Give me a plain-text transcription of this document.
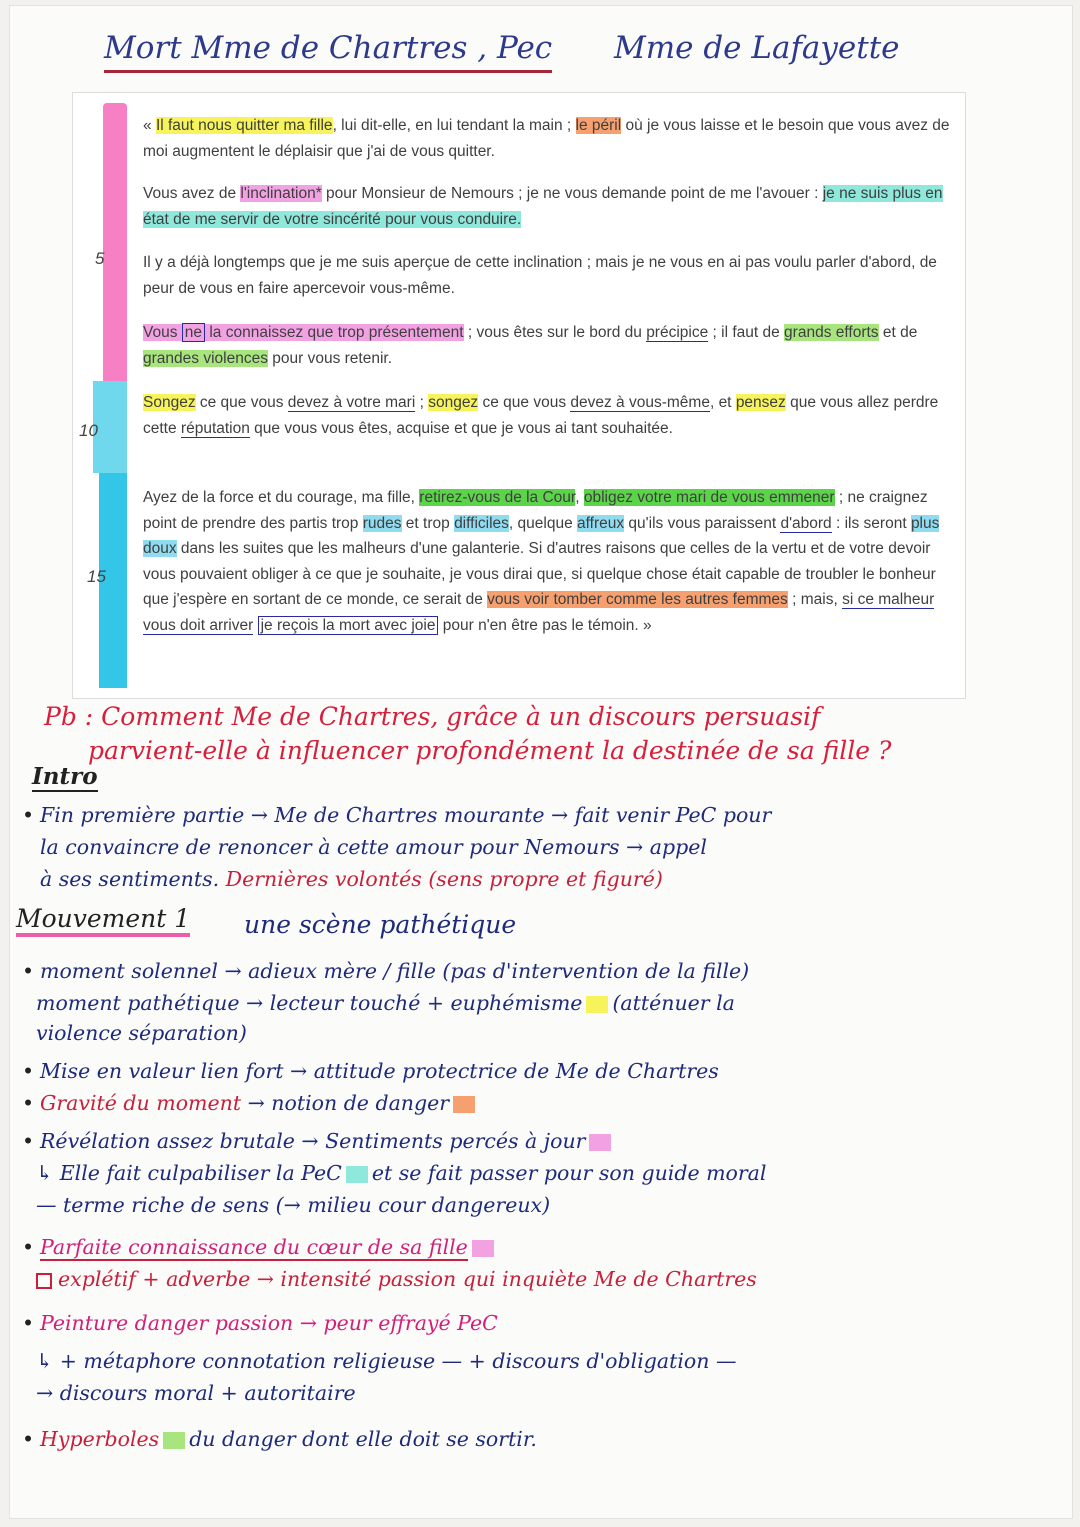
Mort Mme de Chartres , Pec Mme de Lafayette
5
10
15

« Il faut nous quitter ma fille, lui dit-elle, en lui tendant la main ; le péril où je vous laisse et le besoin que vous avez de moi augmentent le déplaisir que j'ai de vous quitter.

Vous avez de l'inclination* pour Monsieur de Nemours ; je ne vous demande point de me l'avouer : je ne suis plus en état de me servir de votre sincérité pour vous conduire.

Il y a déjà longtemps que je me suis aperçue de cette inclination ; mais je ne vous en ai pas voulu parler d'abord, de peur de vous en faire apercevoir vous-même.

Vous ne la connaissez que trop présentement ; vous êtes sur le bord du précipice ; il faut de grands efforts et de grandes violences pour vous retenir.

Songez ce que vous devez à votre mari ; songez ce que vous devez à vous-même, et pensez que vous allez perdre cette réputation que vous vous êtes, acquise et que je vous ai tant souhaitée.

Ayez de la force et du courage, ma fille, retirez-vous de la Cour, obligez votre mari de vous emmener ; ne craignez point de prendre des partis trop rudes et trop difficiles, quelque affreux qu'ils vous paraissent d'abord : ils seront plus doux dans les suites que les malheurs d'une galanterie. Si d'autres raisons que celles de la vertu et de votre devoir vous pouvaient obliger à ce que je souhaite, je vous dirai que, si quelque chose était capable de troubler le bonheur que j'espère en sortant de ce monde, ce serait de vous voir tomber comme les autres femmes ; mais, si ce malheur vous doit arriver je reçois la mort avec joie pour n'en être pas le témoin. »

Pb : Comment Me de Chartres, grâce à un discours persuasif
parvient-elle à influencer profondément la destinée de sa fille ?
Intro

• Fin première partie → Me de Chartres mourante → fait venir PeC pour

la convaincre de renoncer à cette amour pour Nemours → appel

à ses sentiments. Dernières volontés (sens propre et figuré)

Mouvement 1 une scène pathétique

• moment solennel → adieux mère / fille (pas d'intervention de la fille)

moment pathétique → lecteur touché + euphémisme (atténuer la

violence séparation)

• Mise en valeur lien fort → attitude protectrice de Me de Chartres

• Gravité du moment → notion de danger

• Révélation assez brutale → Sentiments percés à jour

↳ Elle fait culpabiliser la PeC et se fait passer pour son guide moral

— terme riche de sens (→ milieu cour dangereux)

• Parfaite connaissance du cœur de sa fille

explétif + adverbe → intensité passion qui inquiète Me de Chartres

• Peinture danger passion → peur effrayé PeC

↳ + métaphore connotation religieuse — + discours d'obligation —

→ discours moral + autoritaire

• Hyperboles du danger dont elle doit se sortir.
